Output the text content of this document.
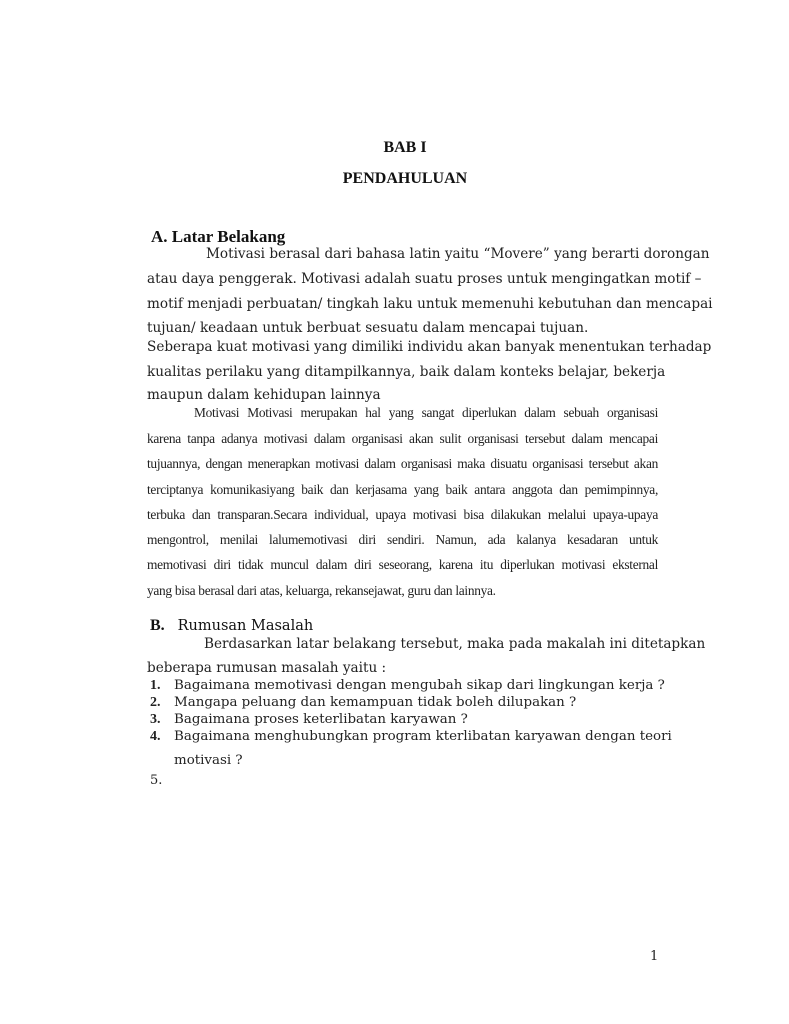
BAB I
PENDAHULUAN
A. Latar Belakang
Motivasi berasal dari bahasa latin yaitu “Movere” yang berarti dorongan
atau daya penggerak. Motivasi adalah suatu proses untuk mengingatkan motif –
motif menjadi perbuatan/ tingkah laku untuk memenuhi kebutuhan dan mencapai
tujuan/ keadaan untuk berbuat sesuatu dalam mencapai tujuan.
Seberapa kuat motivasi yang dimiliki individu akan banyak menentukan terhadap
kualitas perilaku yang ditampilkannya, baik dalam konteks belajar, bekerja
maupun dalam kehidupan lainnya
Motivasi Motivasi merupakan hal yang sangat diperlukan dalam sebuah organisasi
karena tanpa adanya motivasi dalam organisasi akan sulit organisasi tersebut dalam mencapai
tujuannya, dengan menerapkan motivasi dalam organisasi maka disuatu organisasi tersebut akan
terciptanya komunikasiyang baik dan kerjasama yang baik antara anggota dan pemimpinnya,
terbuka dan transparan.Secara individual, upaya motivasi bisa dilakukan melalui upaya-upaya
mengontrol, menilai lalumemotivasi diri sendiri. Namun, ada kalanya kesadaran untuk
memotivasi diri tidak muncul dalam diri seseorang, karena itu diperlukan motivasi eksternal
yang bisa berasal dari atas, keluarga, rekansejawat, guru dan lainnya.
B. Rumusan Masalah
Berdasarkan latar belakang tersebut, maka pada makalah ini ditetapkan
beberapa rumusan masalah yaitu :
1. Bagaimana memotivasi dengan mengubah sikap dari lingkungan kerja ?
2. Mangapa peluang dan kemampuan tidak boleh dilupakan ?
3. Bagaimana proses keterlibatan karyawan ?
4. Bagaimana menghubungkan program kterlibatan karyawan dengan teori
motivasi ?
5.
1
